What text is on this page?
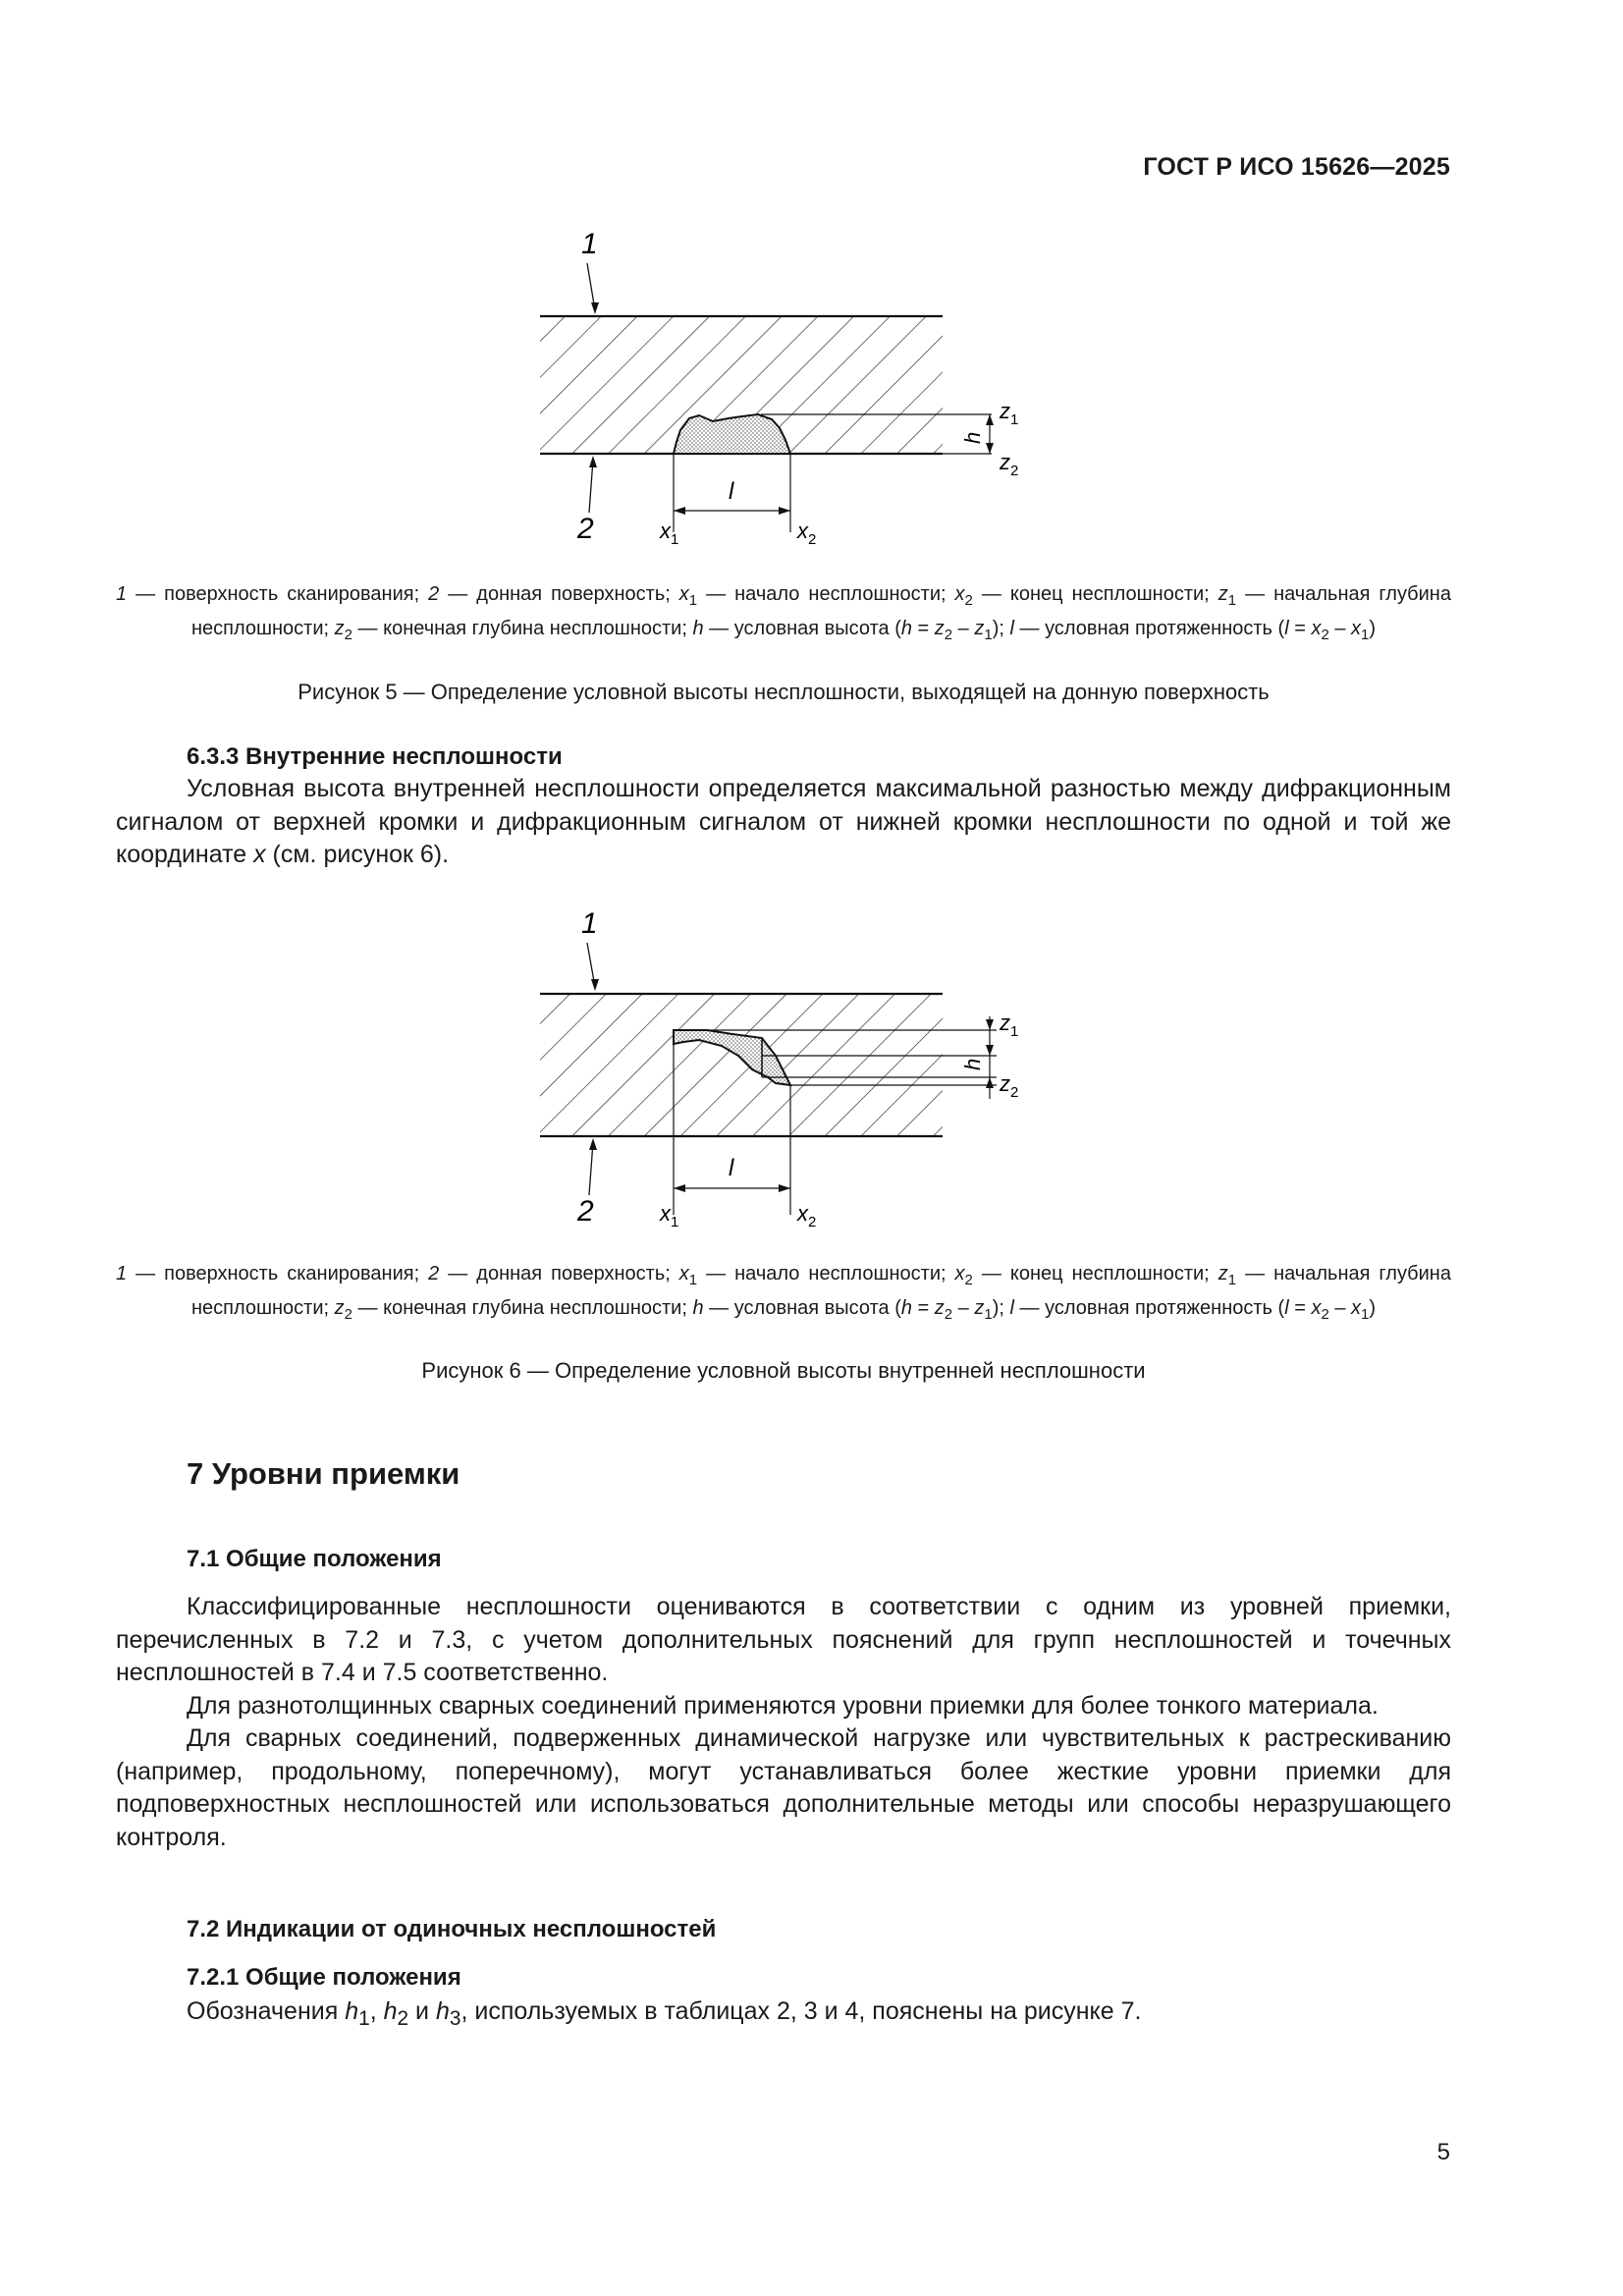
ГОСТ Р ИСО 15626—2025
1
2
h
$z_1$
$z_2$
l
$x_1$	$x_2$
1 — поверхность сканирования; 2 — донная поверхность; $x_1$ — начало несплошности; $x_2$ — конец несплошности; $z_1$ — начальная глубина несплошности; $z_2$ — конечная глубина несплошности; h — условная высота $(h = z_2 - z_1)$; l — условная протяженность $(l = x_2 - x_1)$
Рисунок 5 — Определение условной высоты несплошности, выходящей на донную поверхность
6.3.3 Внутренние несплошности

Условная высота внутренней несплошности определяется максимальной разностью между дифракционным сигналом от верхней кромки и дифракционным сигналом от нижней кромки несплошности по одной и той же координате x (см. рисунок 6).

h
$z_1$
$z_2$
1
2
l
$x_1$	$x_2$
1 — поверхность сканирования; 2 — донная поверхность; $x_1$ — начало несплошности; $x_2$ — конец несплошности; $z_1$ — начальная глубина несплошности; $z_2$ — конечная глубина несплошности; h — условная высота $(h = z_2 - z_1)$; l — условная протяженность $(l = x_2 - x_1)$
Рисунок 6 — Определение условной высоты внутренней несплошности
7 Уровни приемки
7.1 Общие положения

Классифицированные несплошности оцениваются в соответствии с одним из уровней приемки, перечисленных в 7.2 и 7.3, с учетом дополнительных пояснений для групп несплошностей и точечных несплошностей в 7.4 и 7.5 соответственно.

Для разнотолщинных сварных соединений применяются уровни приемки для более тонкого материала.

Для сварных соединений, подверженных динамической нагрузке или чувствительных к растрескиванию (например, продольному, поперечному), могут устанавливаться более жесткие уровни приемки для подповерхностных несплошностей или использоваться дополнительные методы или способы неразрушающего контроля.

7.2 Индикации от одиночных несплошностей
7.2.1 Общие положения

Обозначения $h_1$, $h_2$ и $h_3$, используемых в таблицах 2, 3 и 4, пояснены на рисунке 7.

5
